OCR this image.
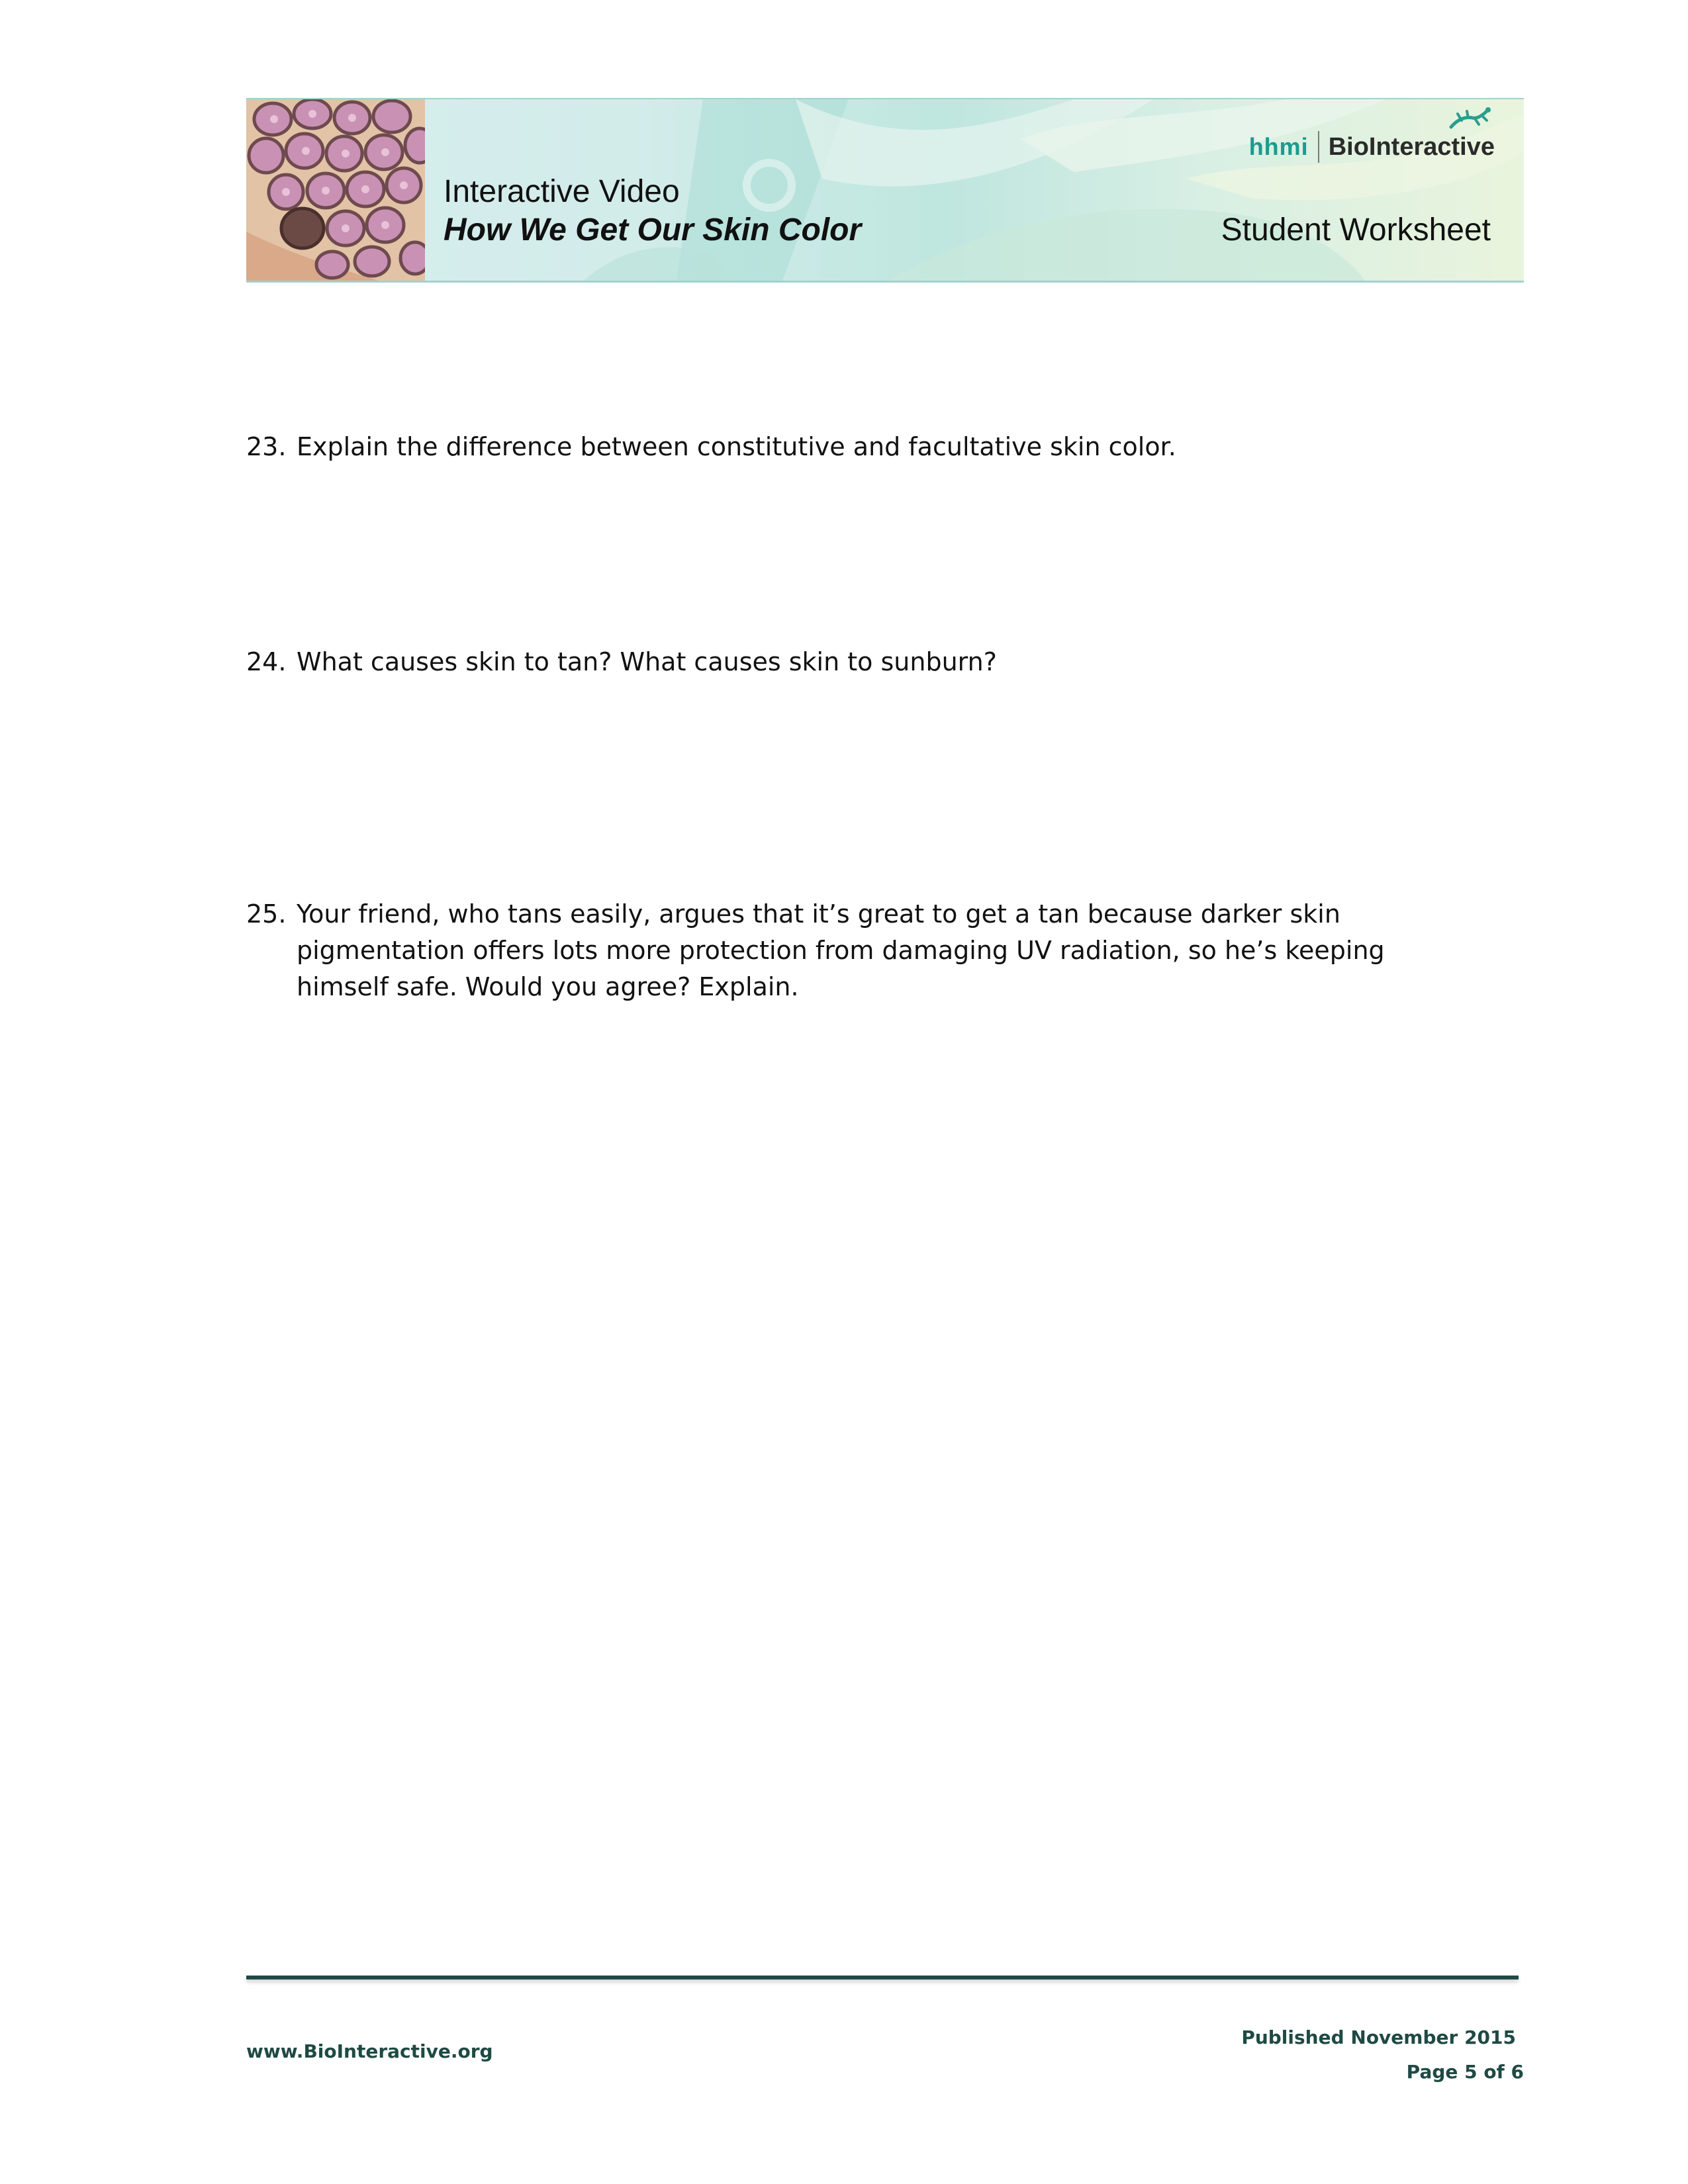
Interactive Video
How We Get Our Skin Color	Student Worksheet
hhmi BioInteractive
23. Explain the difference between constitutive and facultative skin color.
24. What causes skin to tan? What causes skin to sunburn?
25. Your friend, who tans easily, argues that it’s great to get a tan because darker skin
pigmentation offers lots more protection from damaging UV radiation, so he’s keeping
himself safe. Would you agree? Explain.
www.BioInteractive.org
Published November 2015
Page 5 of 6
